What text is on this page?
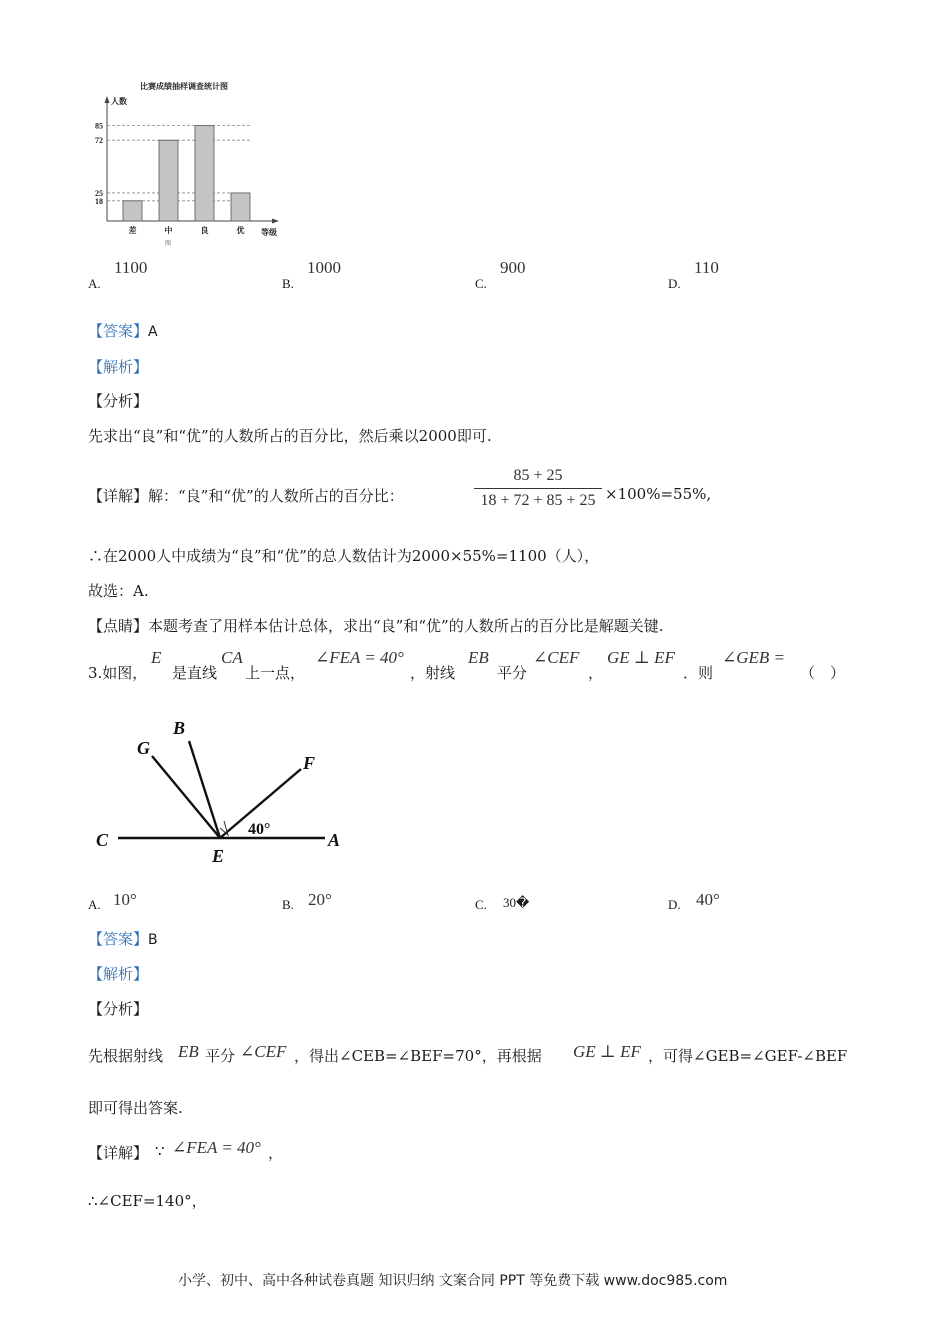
比赛成绩抽样调查统计图
人数
等级
图
18
25
72
85
差	中	良	优
A.
1100
B.
1000
C.
900
D.
110
【答案】A
【解析】
【分析】
先求出“良”和“优”的人数所占的百分比，然后乘以2000即可.
【详解】解：“良”和“优”的人数所占的百分比：
85 + 25
18 + 72 + 85 + 25 ×100%=55%,
∴在2000人中成绩为“良”和“优”的总人数估计为2000×55%=1100（人），
故选：A.
【点睛】本题考查了用样本估计总体，求出“良”和“优”的人数所占的百分比是解题关键.
3.如图，
E
是直线
CA
上一点，
∠FEA = 40°
，射线
EB
平分
∠CEF
，
GE ⊥ EF
．则
∠GEB =
（　）
G
B
F
C
E
A
40°
A. 10°	B. 20°	C. 30�	D. 40°
【答案】B
【解析】
【分析】
先根据射线 EB 平分 ∠CEF ，得出∠CEB=∠BEF=70°，再根据 GE ⊥ EF ，可得∠GEB=∠GEF-∠BEF
即可得出答案.
【详解】 ∵ ∠FEA = 40° ，
∴∠CEF=140°，
小学、初中、高中各种试卷真题 知识归纳 文案合同 PPT 等免费下载 www.doc985.com
